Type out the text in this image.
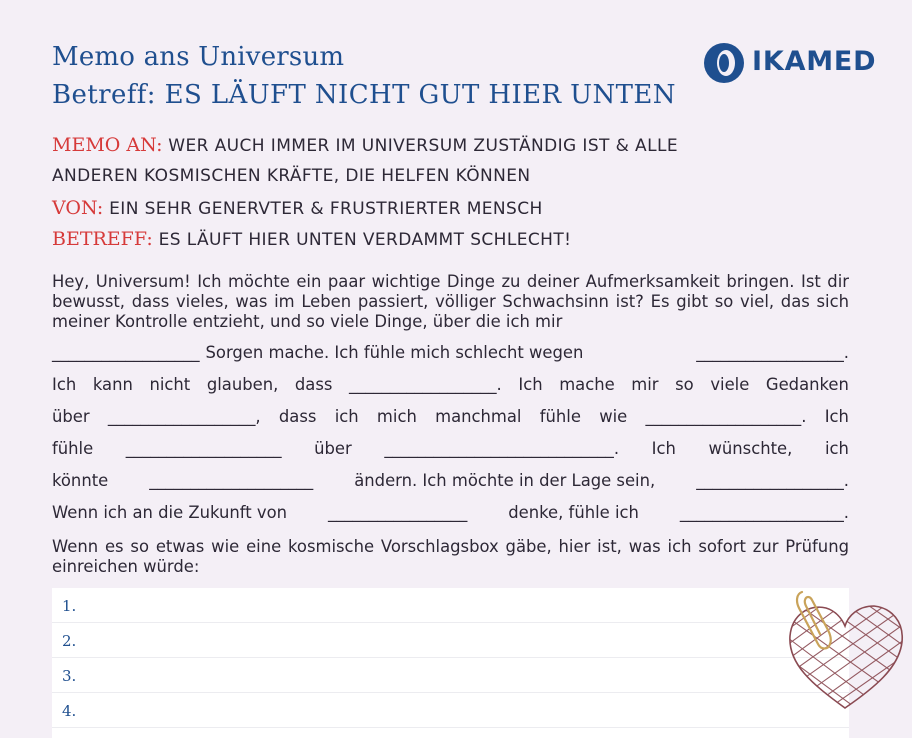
Memo ans Universum
Betreff: ES LÄUFT NICHT GUT HIER UNTEN
IKAMED

MEMO AN: WER AUCH IMMER IM UNIVERSUM ZUSTÄNDIG IST & ALLE

ANDEREN KOSMISCHEN KRÄFTE, DIE HELFEN KÖNNEN

VON: EIN SEHR GENERVTER & FRUSTRIERTER MENSCH

BETREFF: ES LÄUFT HIER UNTEN VERDAMMT SCHLECHT!

Hey, Universum! Ich möchte ein paar wichtige Dinge zu deiner Aufmerksamkeit bringen. Ist dir bewusst, dass vieles, was im Leben passiert, völliger Schwachsinn ist? Es gibt so viel, das sich meiner Kontrolle entzieht, und so viele Dinge, über die ich mir

__________________ Sorgen mache. Ich fühle mich schlecht wegen	__________________.
Ich kann nicht glauben, dass __________________. Ich mache mir so viele Gedanken
über __________________, dass ich mich manchmal fühle wie ___________________. Ich
fühle ___________________ über ____________________________. Ich wünschte, ich
könnte	____________________	ändern. Ich möchte in der Lage sein,	__________________.
Wenn ich an die Zukunft von _________________ denke, fühle ich ____________________.

Wenn es so etwas wie eine kosmische Vorschlagsbox gäbe, hier ist, was ich sofort zur Prüfung einreichen würde:

1.
2.
3.
4.
